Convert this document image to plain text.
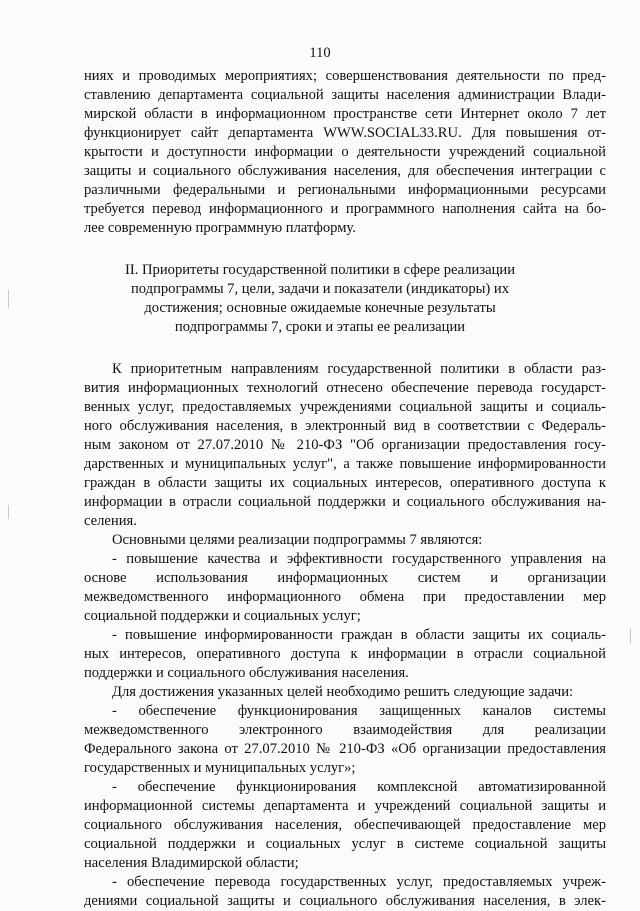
110
ниях и проводимых мероприятиях; совершенствования деятельности по пред-
ставлению департамента социальной защиты населения администрации Влади-
мирской области в информационном пространстве сети Интернет около 7 лет
функционирует сайт департамента WWW.SOCIAL33.RU. Для повышения от-
крытости и доступности информации о деятельности учреждений социальной
защиты и социального обслуживания населения, для обеспечения интеграции с
различными федеральными и региональными информационными ресурсами
требуется перевод информационного и программного наполнения сайта на бо-
лее современную программную платформу.
II. Приоритеты государственной политики в сфере реализации
подпрограммы 7, цели, задачи и показатели (индикаторы) их
достижения; основные ожидаемые конечные результаты
подпрограммы 7, сроки и этапы ее реализации
К приоритетным направлениям государственной политики в области раз-
вития информационных технологий отнесено обеспечение перевода государст-
венных услуг, предоставляемых учреждениями социальной защиты и социаль-
ного обслуживания населения, в электронный вид в соответствии с Федераль-
ным законом от 27.07.2010 № 210-ФЗ "Об организации предоставления госу-
дарственных и муниципальных услуг", а также повышение информированности
граждан в области защиты их социальных интересов, оперативного доступа к
информации в отрасли социальной поддержки и социального обслуживания на-
селения.
Основными целями реализации подпрограммы 7 являются:
- повышение качества и эффективности государственного управления на
основе использования информационных систем и организации
межведомственного информационного обмена при предоставлении мер
социальной поддержки и социальных услуг;
- повышение информированности граждан в области защиты их социаль-
ных интересов, оперативного доступа к информации в отрасли социальной
поддержки и социального обслуживания населения.
Для достижения указанных целей необходимо решить следующие задачи:
- обеспечение функционирования защищенных каналов системы
межведомственного электронного взаимодействия для реализации
Федерального закона от 27.07.2010 № 210-ФЗ «Об организации предоставления
государственных и муниципальных услуг»;
- обеспечение функционирования комплексной автоматизированной
информационной системы департамента и учреждений социальной защиты и
социального обслуживания населения, обеспечивающей предоставление мер
социальной поддержки и социальных услуг в системе социальной защиты
населения Владимирской области;
- обеспечение перевода государственных услуг, предоставляемых учреж-
дениями социальной защиты и социального обслуживания населения, в элек-
